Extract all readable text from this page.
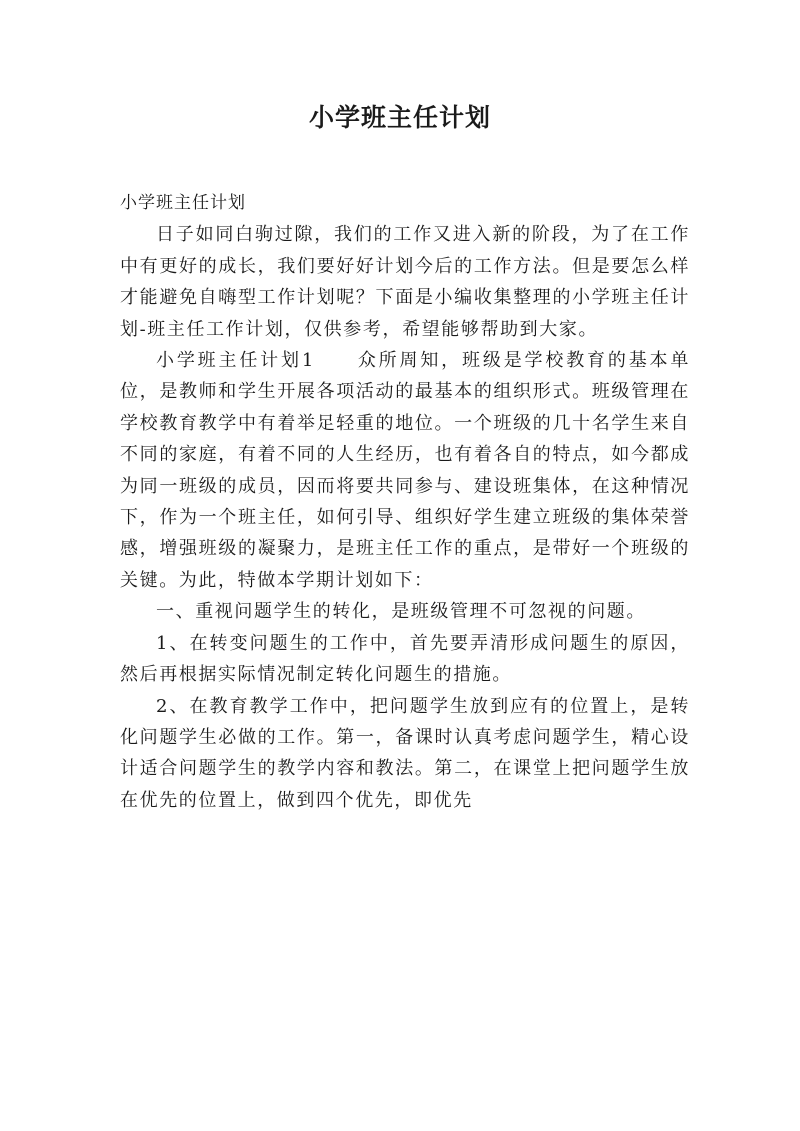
小学班主任计划

小学班主任计划

日子如同白驹过隙，我们的工作又进入新的阶段，为了在工作中有更好的成长，我们要好好计划今后的工作方法。但是要怎么样才能避免自嗨型工作计划呢？下面是小编收集整理的小学班主任计划-班主任工作计划，仅供参考，希望能够帮助到大家。

小学班主任计划1　　众所周知，班级是学校教育的基本单位，是教师和学生开展各项活动的最基本的组织形式。班级管理在学校教育教学中有着举足轻重的地位。一个班级的几十名学生来自不同的家庭，有着不同的人生经历，也有着各自的特点，如今都成为同一班级的成员，因而将要共同参与、建设班集体，在这种情况下，作为一个班主任，如何引导、组织好学生建立班级的集体荣誉感，增强班级的凝聚力，是班主任工作的重点，是带好一个班级的关键。为此，特做本学期计划如下：

一、重视问题学生的转化，是班级管理不可忽视的问题。

1、在转变问题生的工作中，首先要弄清形成问题生的原因，然后再根据实际情况制定转化问题生的措施。

2、在教育教学工作中，把问题学生放到应有的位置上，是转化问题学生必做的工作。第一，备课时认真考虑问题学生，精心设计适合问题学生的教学内容和教法。第二，在课堂上把问题学生放在优先的位置上，做到四个优先，即优先
